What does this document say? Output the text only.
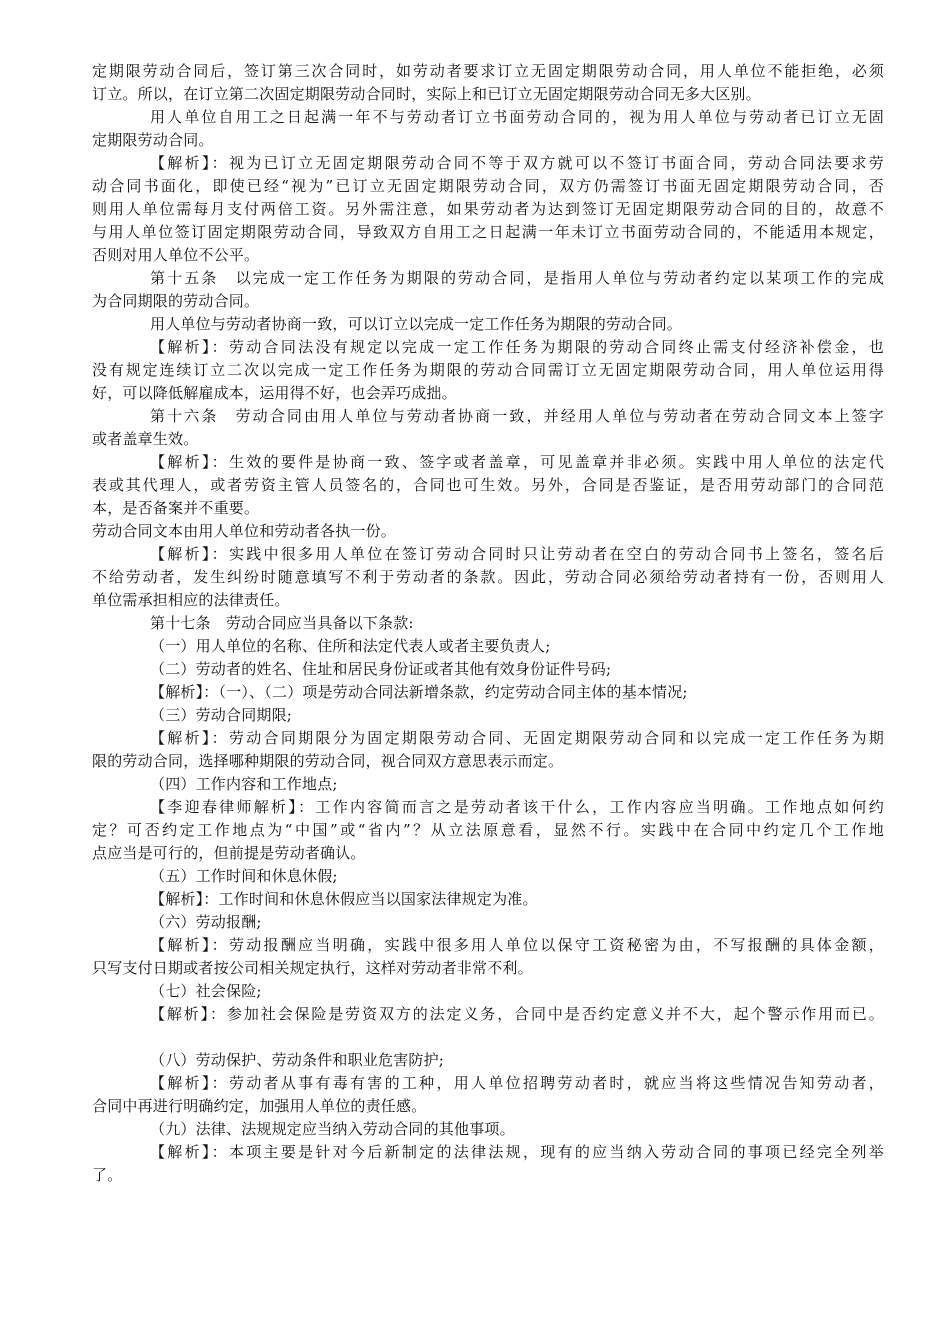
定期限劳动合同后，签订第三次合同时，如劳动者要求订立无固定期限劳动合同，用人单位不能拒绝，必须
订立。所以，在订立第二次固定期限劳动合同时，实际上和已订立无固定期限劳动合同无多大区别。
用人单位自用工之日起满一年不与劳动者订立书面劳动合同的，视为用人单位与劳动者已订立无固
定期限劳动合同。
【解析】：视为已订立无固定期限劳动合同不等于双方就可以不签订书面合同，劳动合同法要求劳
动合同书面化，即使已经“视为”已订立无固定期限劳动合同，双方仍需签订书面无固定期限劳动合同，否
则用人单位需每月支付两倍工资。另外需注意，如果劳动者为达到签订无固定期限劳动合同的目的，故意不
与用人单位签订固定期限劳动合同，导致双方自用工之日起满一年未订立书面劳动合同的，不能适用本规定，
否则对用人单位不公平。
第十五条　以完成一定工作任务为期限的劳动合同，是指用人单位与劳动者约定以某项工作的完成
为合同期限的劳动合同。
用人单位与劳动者协商一致，可以订立以完成一定工作任务为期限的劳动合同。
【解析】：劳动合同法没有规定以完成一定工作任务为期限的劳动合同终止需支付经济补偿金，也
没有规定连续订立二次以完成一定工作任务为期限的劳动合同需订立无固定期限劳动合同，用人单位运用得
好，可以降低解雇成本，运用得不好，也会弄巧成拙。
第十六条　劳动合同由用人单位与劳动者协商一致，并经用人单位与劳动者在劳动合同文本上签字
或者盖章生效。
【解析】：生效的要件是协商一致、签字或者盖章，可见盖章并非必须。实践中用人单位的法定代
表或其代理人，或者劳资主管人员签名的，合同也可生效。另外，合同是否鉴证，是否用劳动部门的合同范
本，是否备案并不重要。
劳动合同文本由用人单位和劳动者各执一份。
【解析】：实践中很多用人单位在签订劳动合同时只让劳动者在空白的劳动合同书上签名，签名后
不给劳动者，发生纠纷时随意填写不利于劳动者的条款。因此，劳动合同必须给劳动者持有一份，否则用人
单位需承担相应的法律责任。
第十七条　劳动合同应当具备以下条款:
（一）用人单位的名称、住所和法定代表人或者主要负责人;
（二）劳动者的姓名、住址和居民身份证或者其他有效身份证件号码;
【解析】：（一）、（二）项是劳动合同法新增条款，约定劳动合同主体的基本情况;
（三）劳动合同期限;
【解析】：劳动合同期限分为固定期限劳动合同、无固定期限劳动合同和以完成一定工作任务为期
限的劳动合同，选择哪种期限的劳动合同，视合同双方意思表示而定。
（四）工作内容和工作地点;
【李迎春律师解析】：工作内容简而言之是劳动者该干什么，工作内容应当明确。工作地点如何约
定？可否约定工作地点为“中国”或“省内”？从立法原意看，显然不行。实践中在合同中约定几个工作地
点应当是可行的，但前提是劳动者确认。
（五）工作时间和休息休假;
【解析】：工作时间和休息休假应当以国家法律规定为准。
（六）劳动报酬;
【解析】：劳动报酬应当明确，实践中很多用人单位以保守工资秘密为由，不写报酬的具体金额，
只写支付日期或者按公司相关规定执行，这样对劳动者非常不利。
（七）社会保险;
【解析】：参加社会保险是劳资双方的法定义务，合同中是否约定意义并不大，起个警示作用而已。
（八）劳动保护、劳动条件和职业危害防护;
【解析】：劳动者从事有毒有害的工种，用人单位招聘劳动者时，就应当将这些情况告知劳动者，
合同中再进行明确约定，加强用人单位的责任感。
（九）法律、法规规定应当纳入劳动合同的其他事项。
【解析】：本项主要是针对今后新制定的法律法规，现有的应当纳入劳动合同的事项已经完全列举
了。
